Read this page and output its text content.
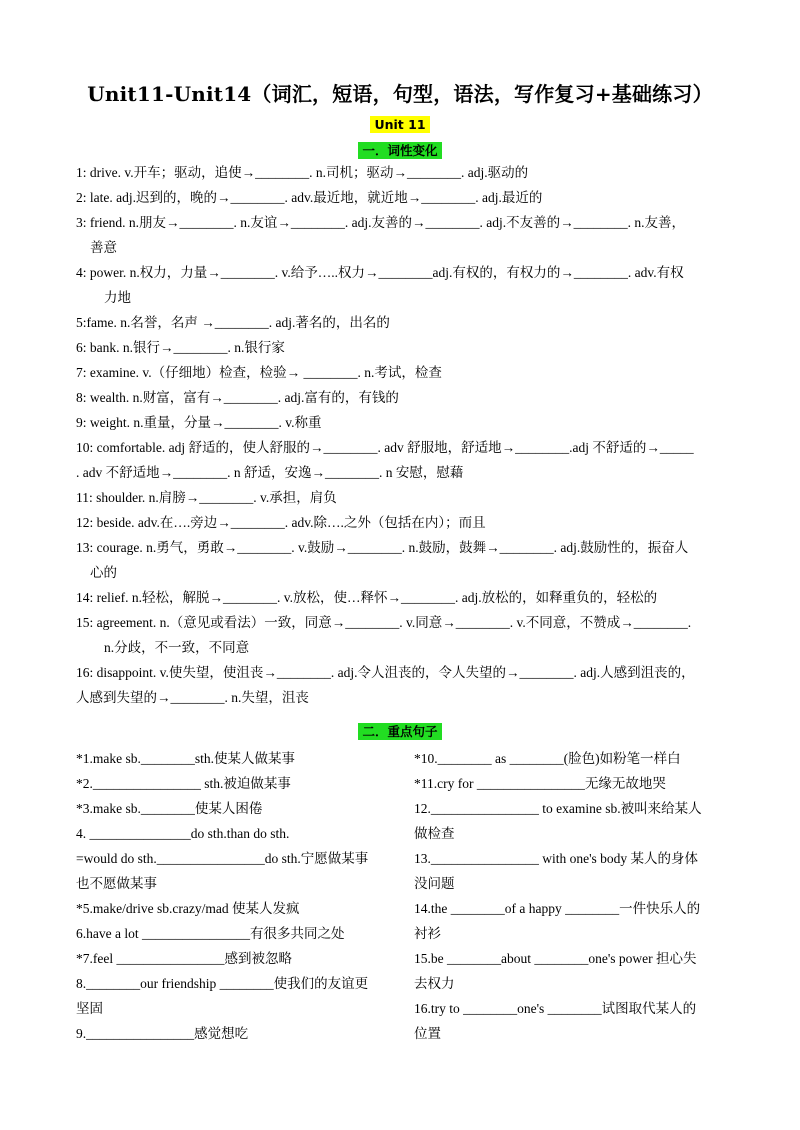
Unit11-Unit14（词汇，短语，句型，语法，写作复习+基础练习）
Unit 11
一．词性变化
1: drive. v.开车；驱动，追使→________. n.司机；驱动→________. adj.驱动的
2: late. adj.迟到的，晚的→________. adv.最近地，就近地→________. adj.最近的
3: friend. n.朋友→________. n.友谊→________. adj.友善的→________. adj.不友善的→________. n.友善，
善意
4: power. n.权力，力量→________. v.给予…..权力→________adj.有权的，有权力的→________. adv.有权
力地
5:fame. n.名誉，名声 →________. adj.著名的，出名的
6: bank. n.银行→________. n.银行家
7: examine. v.（仔细地）检查，检验→ ________. n.考试，检查
8: wealth. n.财富，富有→________. adj.富有的，有钱的
9: weight. n.重量，分量→________. v.称重
10: comfortable. adj 舒适的，使人舒服的→________. adv 舒服地，舒适地→________.adj 不舒适的→_____
. adv 不舒适地→________. n 舒适，安逸→________. n 安慰，慰藉
11: shoulder. n.肩膀→________. v.承担，肩负
12: beside. adv.在….旁边→________. adv.除….之外（包括在内）；而且
13: courage. n.勇气，勇敢→________. v.鼓励→________. n.鼓励，鼓舞→________. adj.鼓励性的，振奋人
心的
14: relief. n.轻松，解脱→________. v.放松，使…释怀→________. adj.放松的，如释重负的，轻松的
15: agreement. n.（意见或看法）一致，同意→________. v.同意→________. v.不同意，不赞成→________.
n.分歧，不一致，不同意
16: disappoint. v.使失望，使沮丧→________. adj.令人沮丧的，令人失望的→________. adj.人感到沮丧的，
人感到失望的→________. n.失望，沮丧
二．重点句子

*1.make sb.________sth.使某人做某事

*2.________________ sth.被迫做某事

*3.make sb.________使某人困倦

4. _______________do sth.than do sth.

=would do sth.________________do sth.宁愿做某事

也不愿做某事

*5.make/drive sb.crazy/mad 使某人发疯

6.have a lot ________________有很多共同之处

*7.feel ________________感到被忽略

8.________our friendship ________使我们的友谊更

坚固

9.________________感觉想吃

*10.________ as ________(脸色)如粉笔一样白

*11.cry for ________________无缘无故地哭

12.________________ to examine sb.被叫来给某人

做检查

13.________________ with one's body 某人的身体

没问题

14.the ________of a happy ________一件快乐人的

衬衫

15.be ________about ________one's power 担心失

去权力

16.try to ________one's ________试图取代某人的

位置
